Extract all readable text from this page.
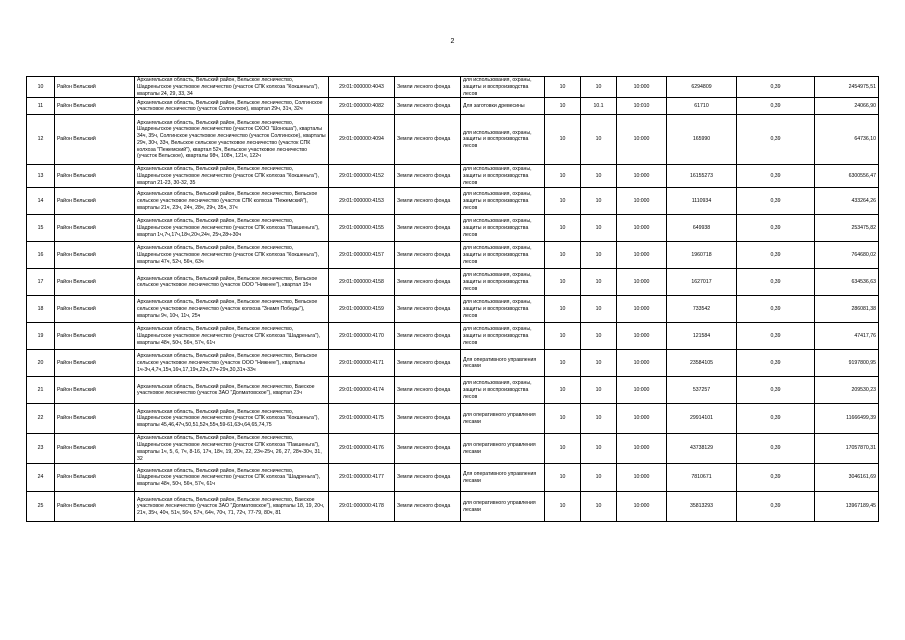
2
10	Район Вельский	Архангельская область, Вельский район, Вельское лесничество, Шадреньгское участковое лесничество (участок СПК колхоза "Кокшеньга"), кварталы 24, 29, 33, 34	29:01:000000:4043	Земли лесного фонда	для использования, охраны, защиты и воспроизводства лесов	10	10	10:000	6294809	0,39	2454975,51
11	Район Вельский	Архангельская область, Вельский район, Вельское лесничество, Солгинское участковое лесничество (участок Солгинское), квартал 29ч, 31ч, 32ч	29:01:000000:4082	Земли лесного фонда	Для заготовки древесины	10	10.1	10:010	61710	0,39	24066,90
12	Район Вельский	Архангельская область, Вельский район, Вельское лесничество, Шадреньгское участковое лесничество (участок СХОО "Шоноша"), кварталы 34ч, 35ч, Солгинское участковое лесничество (участок Солгинское), кварталы 29ч, 30ч, 33ч, Вельское сельское участковое лесничество (участок СПК колхоза "Пежемский"), квартал 52ч, Вельское участковое лесничество (участок Вельское), кварталы 98ч, 108ч, 121ч, 122ч	29:01:000000:4094	Земли лесного фонда	для использования, охраны, защиты и воспроизводства лесов	10	10	10:000	165990	0,39	64736,10
13	Район Вельский	Архангельская область, Вельский район, Вельское лесничество, Шадреньгское участковое лесничество (участок СПК колхоза "Кокшеньга"), квартал 21-23, 30-32, 35	29:01:000000:4152	Земли лесного фонда	для использования, охраны, защиты и воспроизводства лесов	10	10	10:000	16155273	0,39	6300556,47
14	Район Вельский	Архангельская область, Вельский район, Вельское лесничество, Вельское сельское участковое лесничество (участок СПК колхоза "Пежемский"), кварталы 21ч, 23ч, 24ч, 28ч, 29ч, 35ч, 37ч	29:01:000000:4153	Земли лесного фонда	для использования, охраны, защиты и воспроизводства лесов	10	10	10:000	1110934	0,39	433264,26
15	Район Вельский	Архангельская область, Вельский район, Вельское лесничество, Шадреньгское участковое лесничество (участок СПК колхоза "Пакшеньга"), квартал 1ч,7ч,17ч,18ч,20ч,24ч, 25ч,28ч-30ч	29:01:000000:4155	Земли лесного фонда	для использования, охраны, защиты и воспроизводства лесов	10	10	10:000	649938	0,39	253475,82
16	Район Вельский	Архангельская область, Вельский район, Вельское лесничество, Шадреньгское участковое лесничество (участок СПК колхоза "Кокшеньга"), кварталы 47ч, 52ч, 56ч, 63ч	29:01:000000:4157	Земли лесного фонда	для использования, охраны, защиты и воспроизводства лесов	10	10	10:000	1960718	0,39	764680,02
17	Район Вельский	Архангельская область, Вельский район, Вельское лесничество, Вельское сельское участковое лесничество (участок ООО "Нижнее"), квартал 15ч	29:01:000000:4158	Земли лесного фонда	для использования, охраны, защиты и воспроизводства лесов	10	10	10:000	1627017	0,39	634536,63
18	Район Вельский	Архангельская область, Вельский район, Вельское лесничество, Вельское сельское участковое лесничество (участок колхоза "Знамя Победы"), кварталы 9ч, 10ч, 11ч, 25ч	29:01:000000:4159	Земли лесного фонда	для использования, охраны, защиты и воспроизводства лесов	10	10	10:000	733542	0,39	286081,38
19	Район Вельский	Архангельская область, Вельский район, Вельское лесничество, Шадреньгское участковое лесничество (участок СПК колхоза "Шадреньга"), кварталы 48ч, 50ч, 56ч, 57ч, 61ч	29:01:000000:4170	Земли лесного фонда	для использования, охраны, защиты и воспроизводства лесов	10	10	10:000	121584	0,39	47417,76
20	Район Вельский	Архангельская область, Вельский район, Вельское лесничество, Вельское сельское участковое лесничество (участок ООО "Нижнее"), кварталы 1ч-3ч,4,7ч,15ч,16ч,17,19ч,22ч,27ч-29ч,30,31ч-33ч	29:01:000000:4171	Земли лесного фонда	Для оперативного управления лесами	10	10	10:000	23584105	0,39	9197800,95
21	Район Вельский	Архангельская область, Вельский район, Вельское лесничество, Ваеское участковое лесничество (участок ЗАО "Долматовское"), квартал 23ч	29:01:000000:4174	Земли лесного фонда	для использования, охраны, защиты и воспроизводства лесов	10	10	10:000	537257	0,39	209530,23
22	Район Вельский	Архангельская область, Вельский район, Вельское лесничество, Шадреньгское участковое лесничество (участок СПК колхоза "Кокшеньга"), кварталы 45,46,47ч,50,51,52ч,55ч,59-61,63ч,64,65,74,75	29:01:000000:4175	Земли лесного фонда	для оперативного управления лесами	10	10	10:000	29914101	0,39	11666499,39
23	Район Вельский	Архангельская область, Вельский район, Вельское лесничество, Шадреньгское участковое лесничество (участок СПК колхоза "Пакшеньга"), кварталы 1ч, 5, 6, 7ч, 8-16, 17ч, 18ч, 19, 20ч, 22, 23ч-25ч, 26, 27, 28ч-30ч, 31, 32	29:01:000000:4176	Земли лесного фонда	для оперативного управления лесами	10	10	10:000	43738129	0,39	17057870,31
24	Район Вельский	Архангельская область, Вельский район, Вельское лесничество, Шадреньгское участковое лесничество (участок СПК колхоза "Шадреньга"), кварталы 48ч, 50ч, 56ч, 57ч, 61ч	29:01:000000:4177	Земли лесного фонда	Для оперативного управления лесами	10	10	10:000	7810671	0,39	3046161,69
25	Район Вельский	Архангельская область, Вельский район, Вельское лесничество, Ваеское участковое лесничество (участок ЗАО "Долматовское"), кварталы 18, 19, 20ч, 21ч, 35ч, 40ч, 51ч, 56ч, 57ч, 64ч, 70ч, 71, 72ч, 77-79, 80ч, 81	29:01:000000:4178	Земли лесного фонда	для оперативного управления лесами	10	10	10:000	35813293	0,39	13967189,45
